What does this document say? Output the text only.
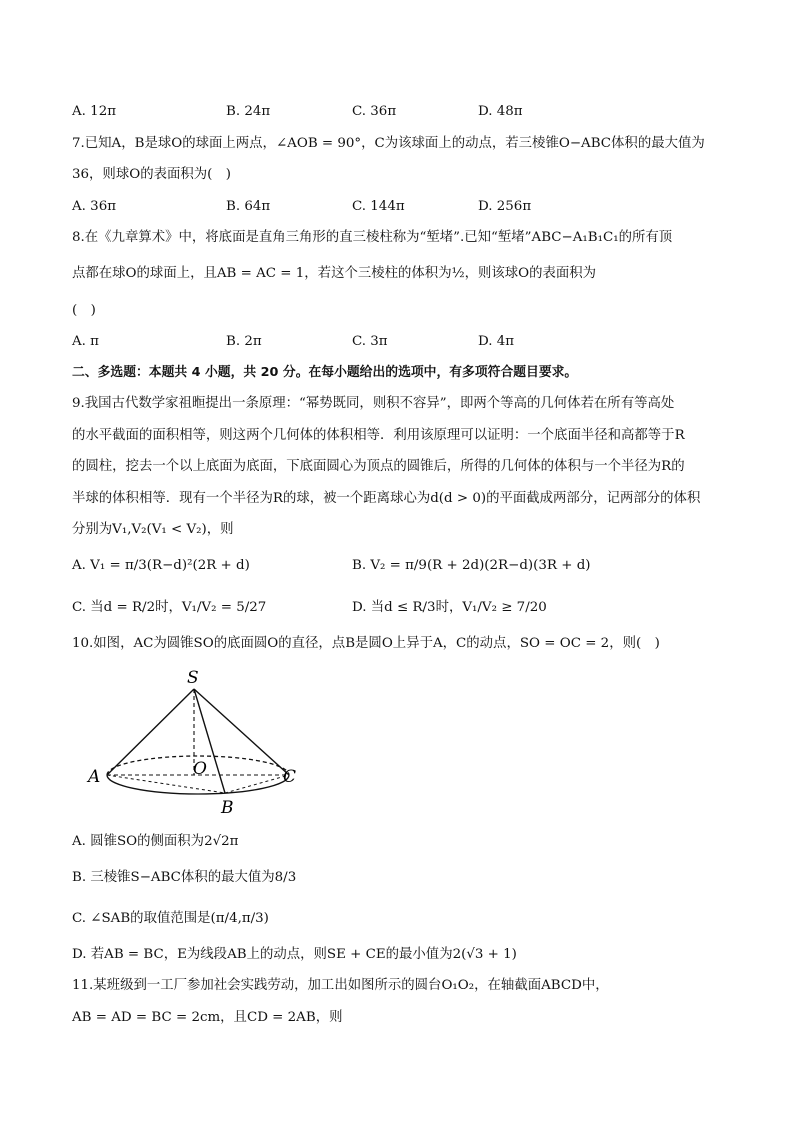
A. 12π	B. 24π	C. 36π	D. 48π
7.已知A，B是球O的球面上两点，∠AOB = 90°，C为该球面上的动点，若三棱锥O−ABC体积的最大值为
36，则球O的表面积为(　)
A. 36π	B. 64π	C. 144π	D. 256π
8.在《九章算术》中，将底面是直角三角形的直三棱柱称为“堑堵”.已知“堑堵”ABC−A₁B₁C₁的所有顶
点都在球O的球面上，且AB = AC = 1，若这个三棱柱的体积为½，则该球O的表面积为
(　)
A. π	B. 2π	C. 3π	D. 4π
二、多选题：本题共 4 小题，共 20 分。在每小题给出的选项中，有多项符合题目要求。
9.我国古代数学家祖暅提出一条原理：“幂势既同，则积不容异”，即两个等高的几何体若在所有等高处
的水平截面的面积相等，则这两个几何体的体积相等．利用该原理可以证明：一个底面半径和高都等于R
的圆柱，挖去一个以上底面为底面，下底面圆心为顶点的圆锥后，所得的几何体的体积与一个半径为R的
半球的体积相等．现有一个半径为R的球，被一个距离球心为d(d > 0)的平面截成两部分，记两部分的体积
分别为V₁,V₂(V₁ < V₂)，则
A. V₁ = π/3(R−d)²(2R + d)	B. V₂ = π/9(R + 2d)(2R−d)(3R + d)
C. 当d = R/2时，V₁/V₂ = 5/27	D. 当d ≤ R/3时，V₁/V₂ ≥ 7/20
10.如图，AC为圆锥SO的底面圆O的直径，点B是圆O上异于A，C的动点，SO = OC = 2，则(　)
S
O
A
B
C
A. 圆锥SO的侧面积为2√2π
B. 三棱锥S−ABC体积的最大值为8/3
C. ∠SAB的取值范围是(π/4,π/3)
D. 若AB = BC，E为线段AB上的动点，则SE + CE的最小值为2(√3 + 1)
11.某班级到一工厂参加社会实践劳动，加工出如图所示的圆台O₁O₂，在轴截面ABCD中，
AB = AD = BC = 2cm，且CD = 2AB，则
